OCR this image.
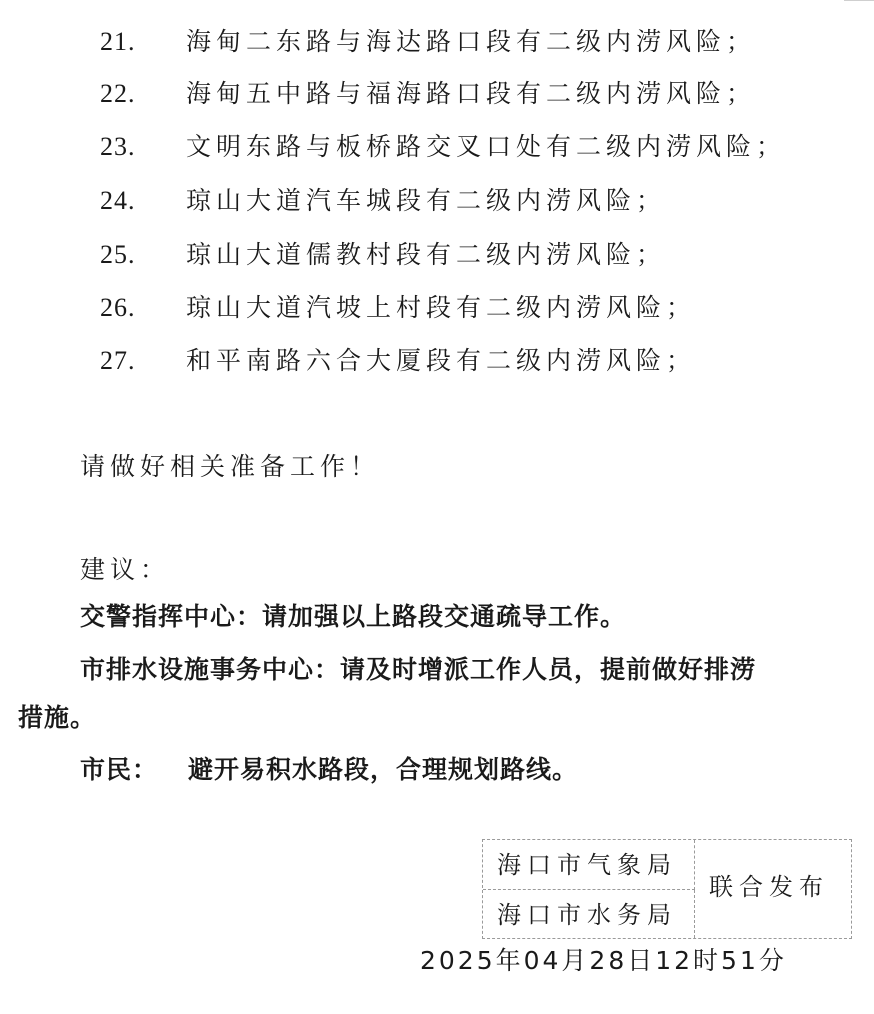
21. 海甸二东路与海达路口段有二级内涝风险；
22. 海甸五中路与福海路口段有二级内涝风险；
23. 文明东路与板桥路交叉口处有二级内涝风险；
24. 琼山大道汽车城段有二级内涝风险；
25. 琼山大道儒教村段有二级内涝风险；
26. 琼山大道汽坡上村段有二级内涝风险；
27. 和平南路六合大厦段有二级内涝风险；
请做好相关准备工作！
建议：
交警指挥中心：请加强以上路段交通疏导工作。
市排水设施事务中心：请及时增派工作人员，提前做好排涝
措施。
市民： 避开易积水路段，合理规划路线。
海口市气象局
海口市水务局
联合发布
2025年04月28日12时51分
